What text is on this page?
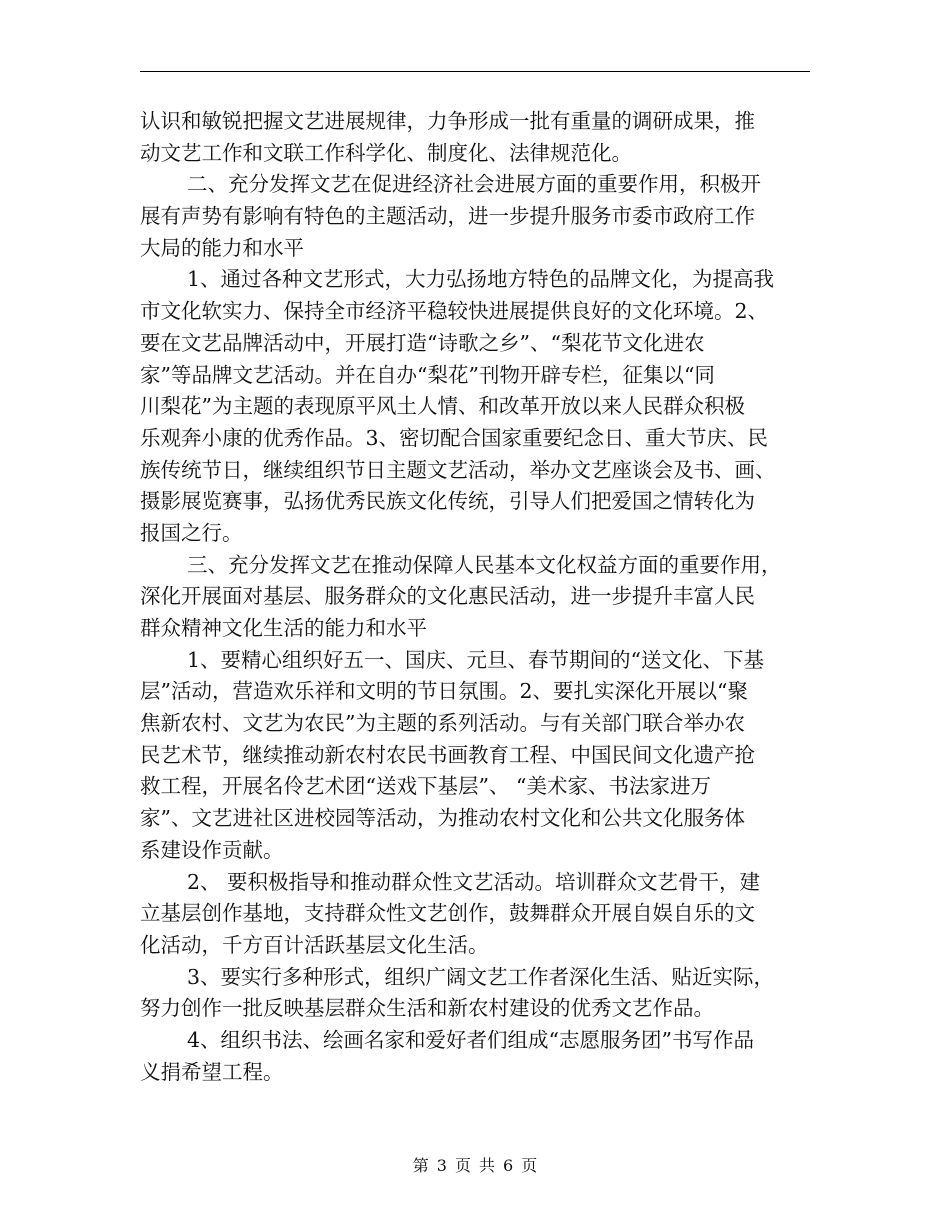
认识和敏锐把握文艺进展规律，力争形成一批有重量的调研成果，推
动文艺工作和文联工作科学化、制度化、法律规范化。
二、充分发挥文艺在促进经济社会进展方面的重要作用，积极开
展有声势有影响有特色的主题活动，进一步提升服务市委市政府工作
大局的能力和水平
1、通过各种文艺形式，大力弘扬地方特色的品牌文化，为提高我
市文化软实力、保持全市经济平稳较快进展提供良好的文化环境。2、
要在文艺品牌活动中，开展打造“诗歌之乡”、“梨花节文化进农
家”等品牌文艺活动。并在自办“梨花”刊物开辟专栏，征集以“同
川梨花”为主题的表现原平风土人情、和改革开放以来人民群众积极
乐观奔小康的优秀作品。3、密切配合国家重要纪念日、重大节庆、民
族传统节日，继续组织节日主题文艺活动，举办文艺座谈会及书、画、
摄影展览赛事，弘扬优秀民族文化传统，引导人们把爱国之情转化为
报国之行。
三、充分发挥文艺在推动保障人民基本文化权益方面的重要作用，
深化开展面对基层、服务群众的文化惠民活动，进一步提升丰富人民
群众精神文化生活的能力和水平
1、要精心组织好五一、国庆、元旦、春节期间的“送文化、下基
层”活动，营造欢乐祥和文明的节日氛围。2、要扎实深化开展以“聚
焦新农村、文艺为农民”为主题的系列活动。与有关部门联合举办农
民艺术节，继续推动新农村农民书画教育工程、中国民间文化遗产抢
救工程，开展名伶艺术团“送戏下基层”、 “美术家、书法家进万
家”、文艺进社区进校园等活动，为推动农村文化和公共文化服务体
系建设作贡献。
2、 要积极指导和推动群众性文艺活动。培训群众文艺骨干，建
立基层创作基地，支持群众性文艺创作，鼓舞群众开展自娱自乐的文
化活动，千方百计活跃基层文化生活。
3、要实行多种形式，组织广阔文艺工作者深化生活、贴近实际，
努力创作一批反映基层群众生活和新农村建设的优秀文艺作品。
4、组织书法、绘画名家和爱好者们组成“志愿服务团”书写作品
义捐希望工程。
第 3 页 共 6 页
